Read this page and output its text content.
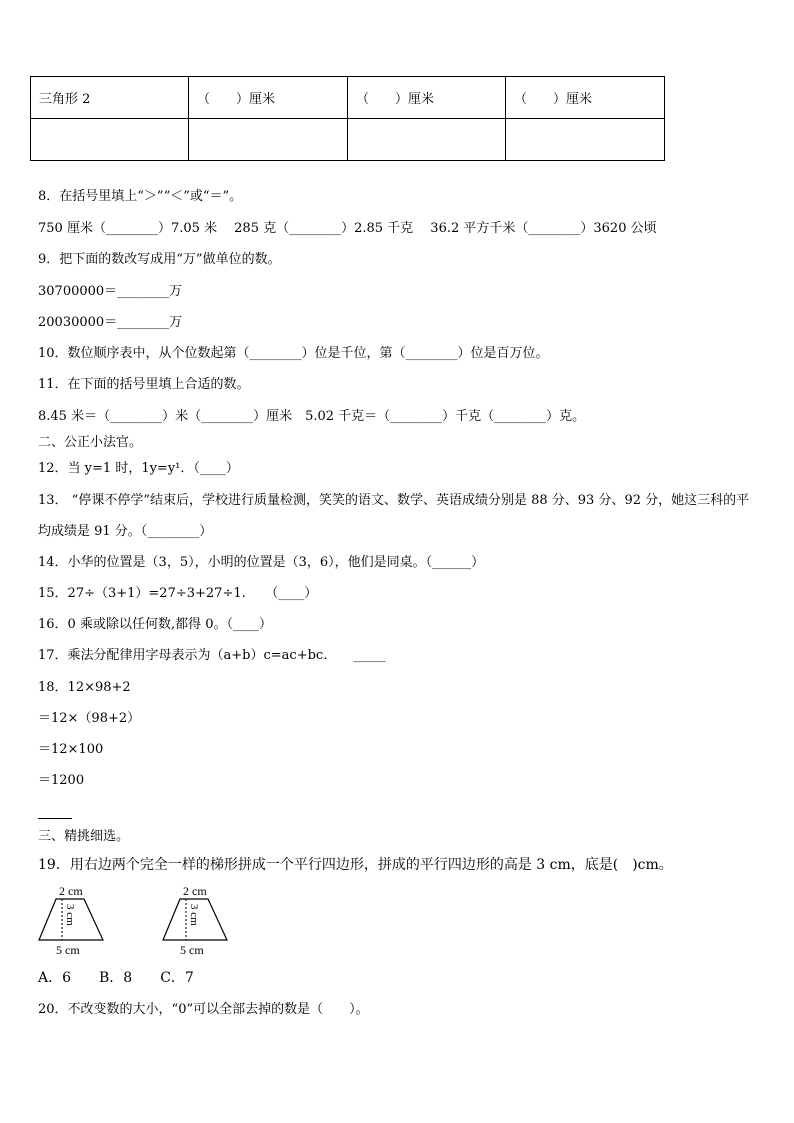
三角形 2	（　　）厘米	（　　）厘米	（　　）厘米

8．在括号里填上“＞”“＜”或“＝”。
750 厘米（________）7.05 米　 285 克（________）2.85 千克　 36.2 平方千米（________）3620 公顷
9．把下面的数改写成用“万”做单位的数。
30700000＝________万
20030000＝________万
10．数位顺序表中，从个位数起第（________）位是千位，第（________）位是百万位。
11．在下面的括号里填上合适的数。
8.45 米＝（________）米（________）厘米　5.02 千克＝（________）千克（________）克。
二、公正小法官。
12．当 y=1 时，1y=y¹．（____）
13． “停课不停学”结束后，学校进行质量检测，笑笑的语文、数学、英语成绩分别是 88 分、93 分、92 分，她这三科的平均成绩是 91 分。（________）
14．小华的位置是（3，5），小明的位置是（3，6），他们是同桌。（______）
15．27÷（3+1）=27÷3+27÷1.　　（____）
16．0 乘或除以任何数,都得 0。（____）
17．乘法分配律用字母表示为（a+b）c=ac+bc.　　_____
18．12×98+2
＝12×（98+2）
＝12×100
＝1200
三、精挑细选。
19．用右边两个完全一样的梯形拼成一个平行四边形，拼成的平行四边形的高是 3 cm，底是(　)cm。
2 cm
3 cm
5 cm
2 cm
3 cm
5 cm
A．6　　B．8　　C．7
20．不改变数的大小，“0”可以全部去掉的数是（　　）。
